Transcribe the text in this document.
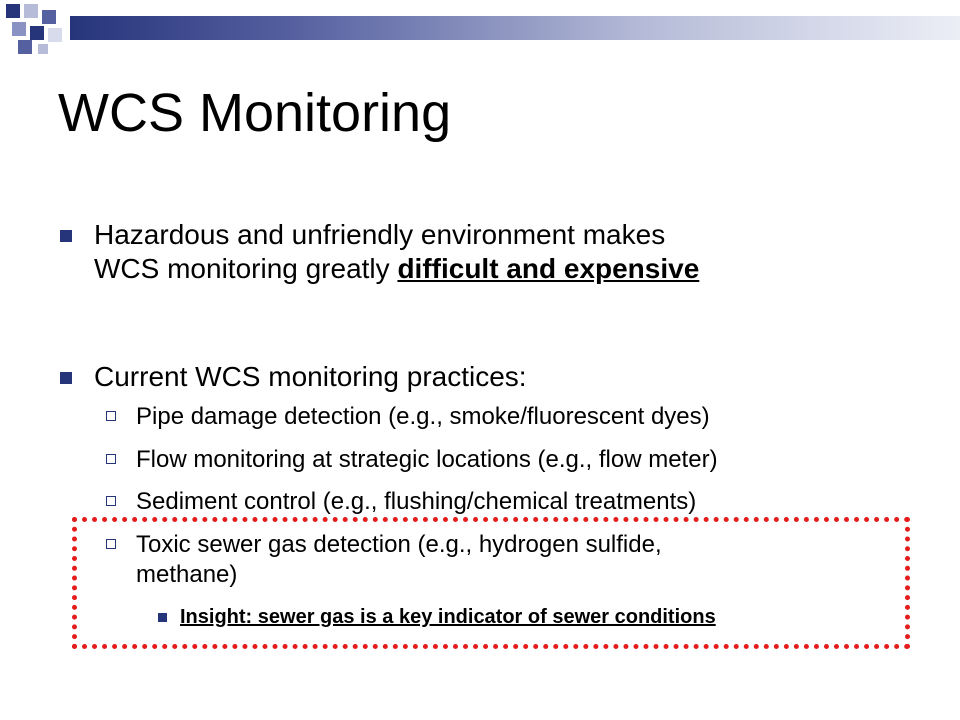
WCS Monitoring
Hazardous and unfriendly environment makes
WCS monitoring greatly difficult and expensive
Current WCS monitoring practices:
Pipe damage detection (e.g., smoke/fluorescent dyes)
Flow monitoring at strategic locations (e.g., flow meter)
Sediment control (e.g., flushing/chemical treatments)
Toxic sewer gas detection (e.g., hydrogen sulfide,
methane)
Insight: sewer gas is a key indicator of sewer conditions
